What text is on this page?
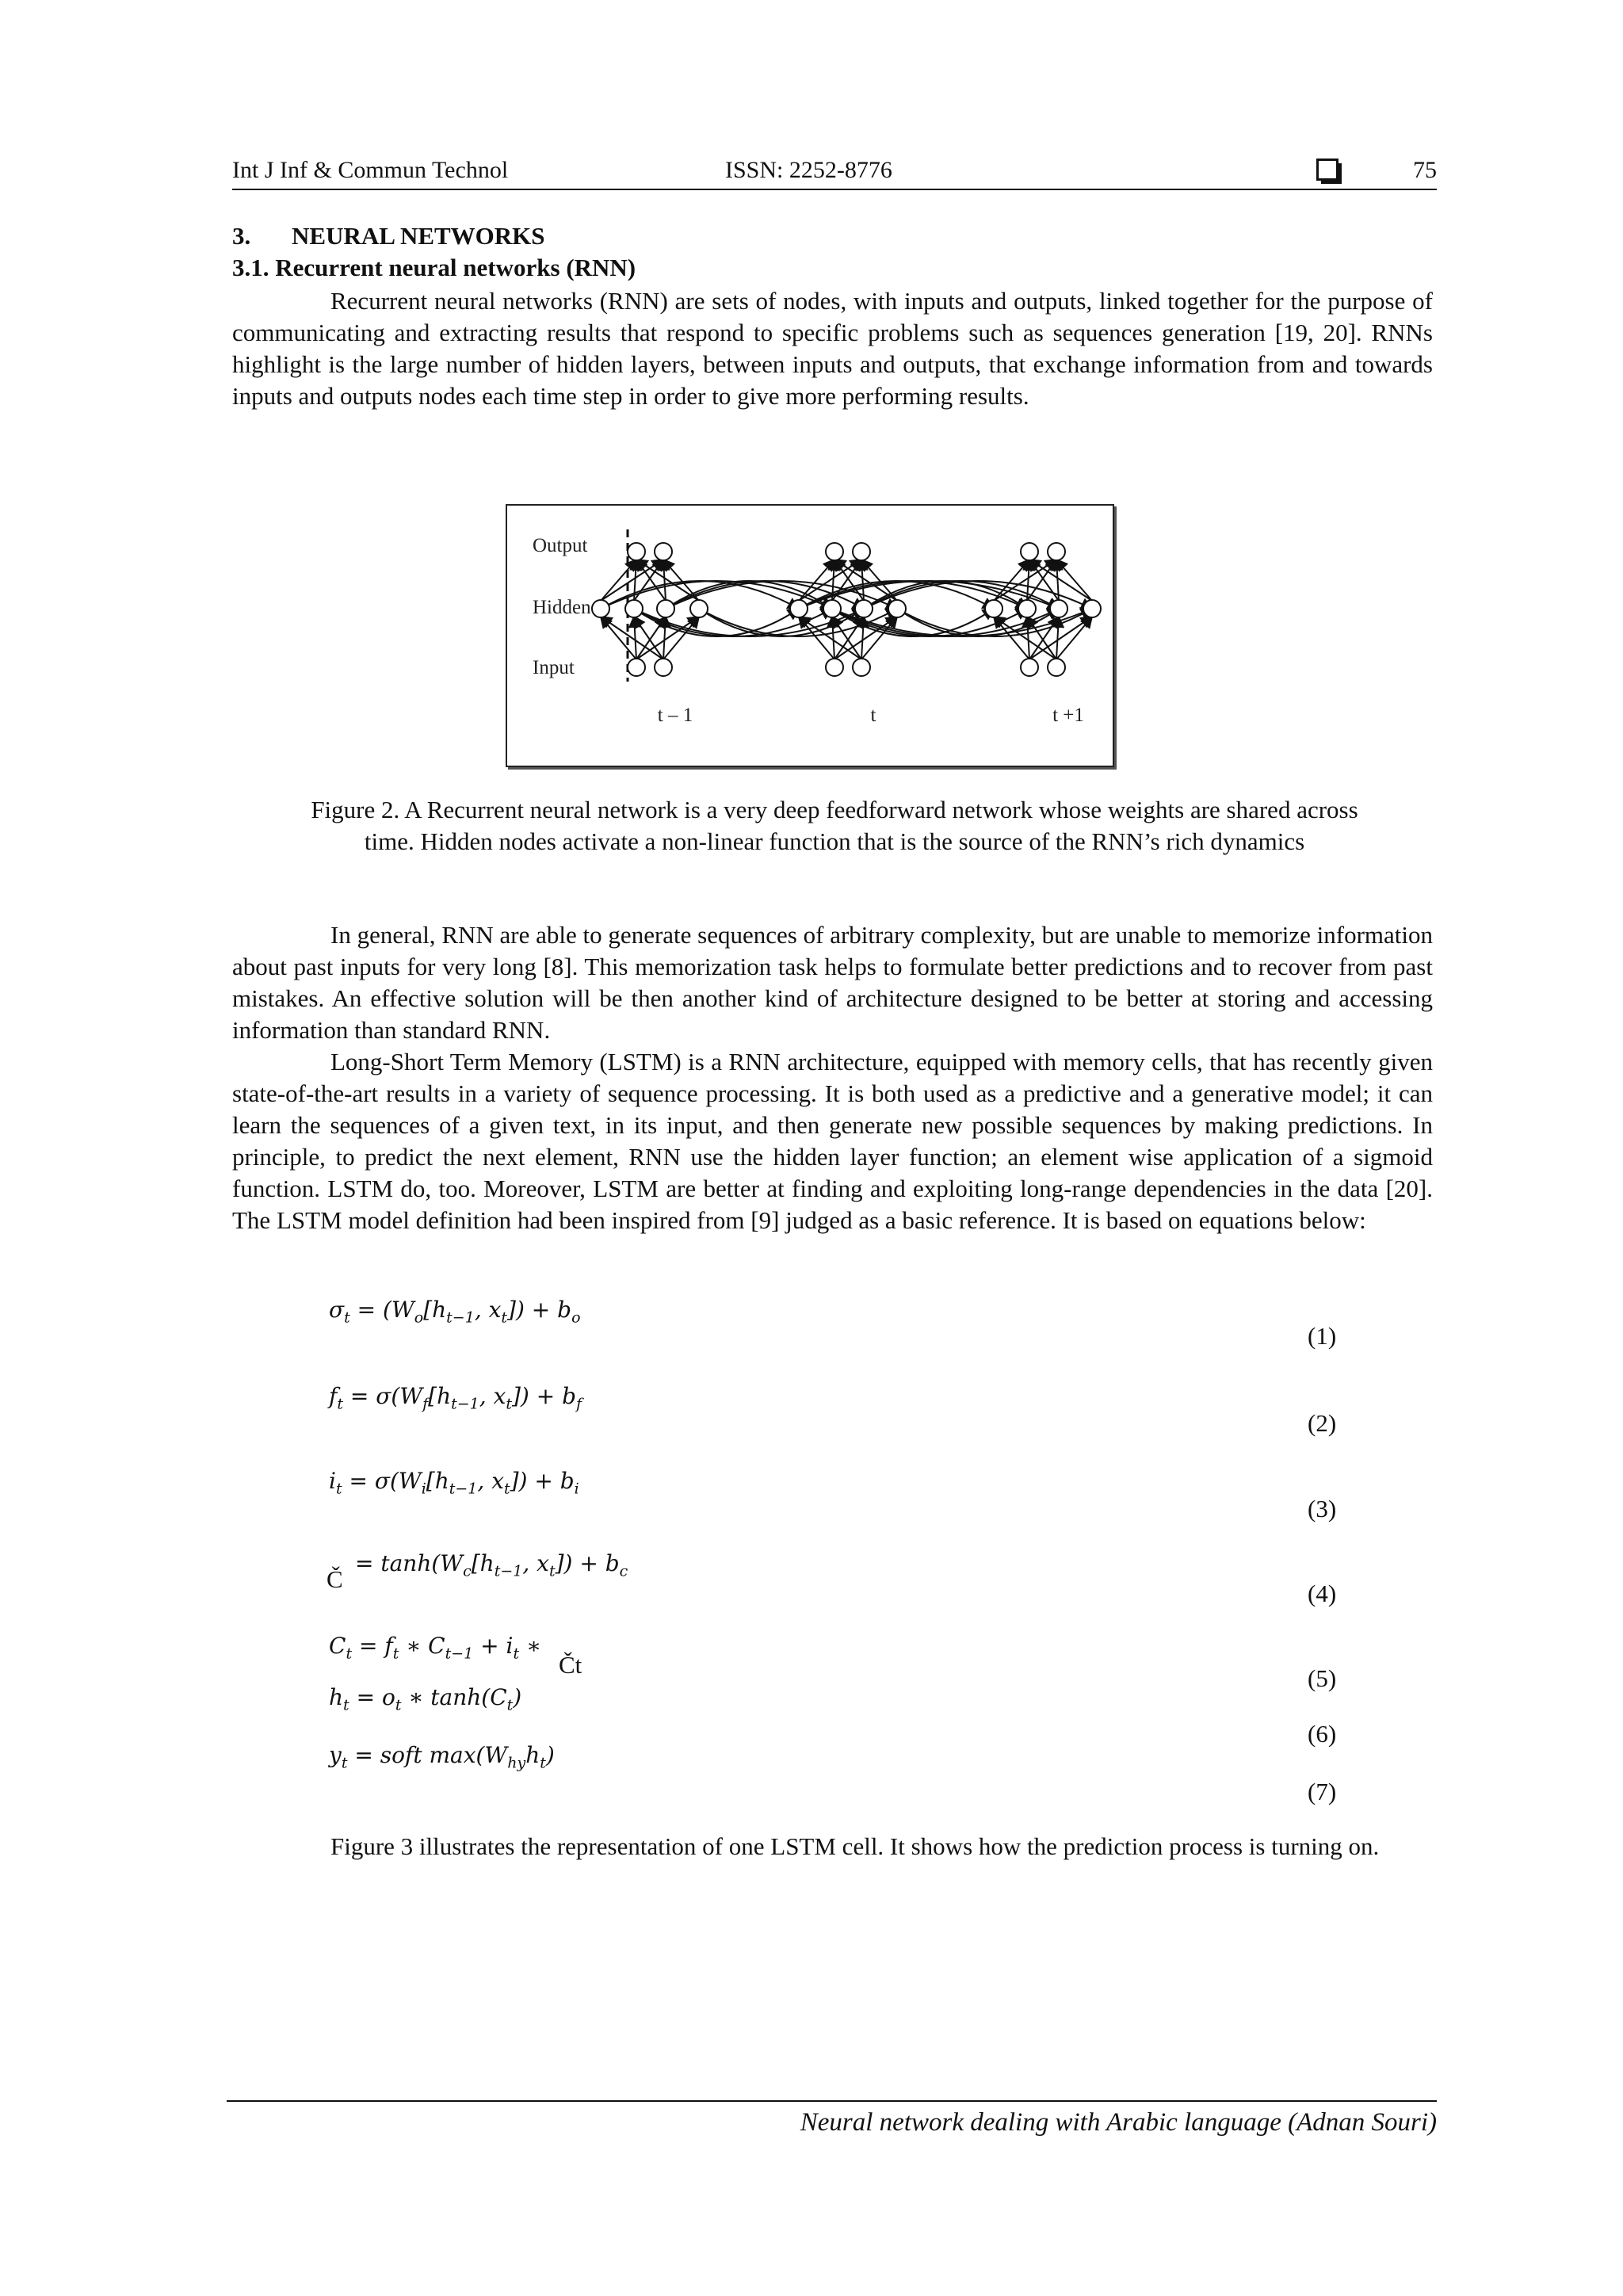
Int J Inf & Commun Technol	ISSN: 2252-8776	75
3. NEURAL NETWORKS
3.1. Recurrent neural networks (RNN)

Recurrent neural networks (RNN) are sets of nodes, with inputs and outputs, linked together for the purpose of communicating and extracting results that respond to specific problems such as sequences generation [19, 20]. RNNs highlight is the large number of hidden layers, between inputs and outputs, that exchange information from and towards inputs and outputs nodes each time step in order to give more performing results.

Output
Hidden
Input
t – 1	t	t +1
Figure 2. A Recurrent neural network is a very deep feedforward network whose weights are shared across
time. Hidden nodes activate a non-linear function that is the source of the RNN’s rich dynamics

In general, RNN are able to generate sequences of arbitrary complexity, but are unable to memorize information about past inputs for very long [8]. This memorization task helps to formulate better predictions and to recover from past mistakes. An effective solution will be then another kind of architecture designed to be better at storing and accessing information than standard RNN.

Long-Short Term Memory (LSTM) is a RNN architecture, equipped with memory cells, that has recently given state-of-the-art results in a variety of sequence processing. It is both used as a predictive and a generative model; it can learn the sequences of a given text, in its input, and then generate new possible sequences by making predictions. In principle, to predict the next element, RNN use the hidden layer function; an element wise application of a sigmoid function. LSTM do, too. Moreover, LSTM are better at finding and exploiting long-range dependencies in the data [20]. The LSTM model definition had been inspired from [9] judged as a basic reference. It is based on equations below:

$\sigma_t = (W_o[h_{t-1}$, $x_t]) + b_o$
(1)
$f_t = \sigma(W_f[h_{t-1}$, $x_t]) + b_f$
(2)
$i_t = \sigma(W_i[h_{t-1}$, $x_t]) + b_i$
(3)
= $\tanh(W_c[h_{t-1}$, $x_t]) + b_c$
Č
(4)
$C_t = f_t$ ∗ $C_{t-1} + i_t$ ∗
Čt	(5)
$h_t = o_t$ ∗ $\tanh(C_t)$
(6)
$y_t$ = soft $\max(W_{hy}h_t)$
(7)

Figure 3 illustrates the representation of one LSTM cell. It shows how the prediction process is turning on.

Neural network dealing with Arabic language (Adnan Souri)
